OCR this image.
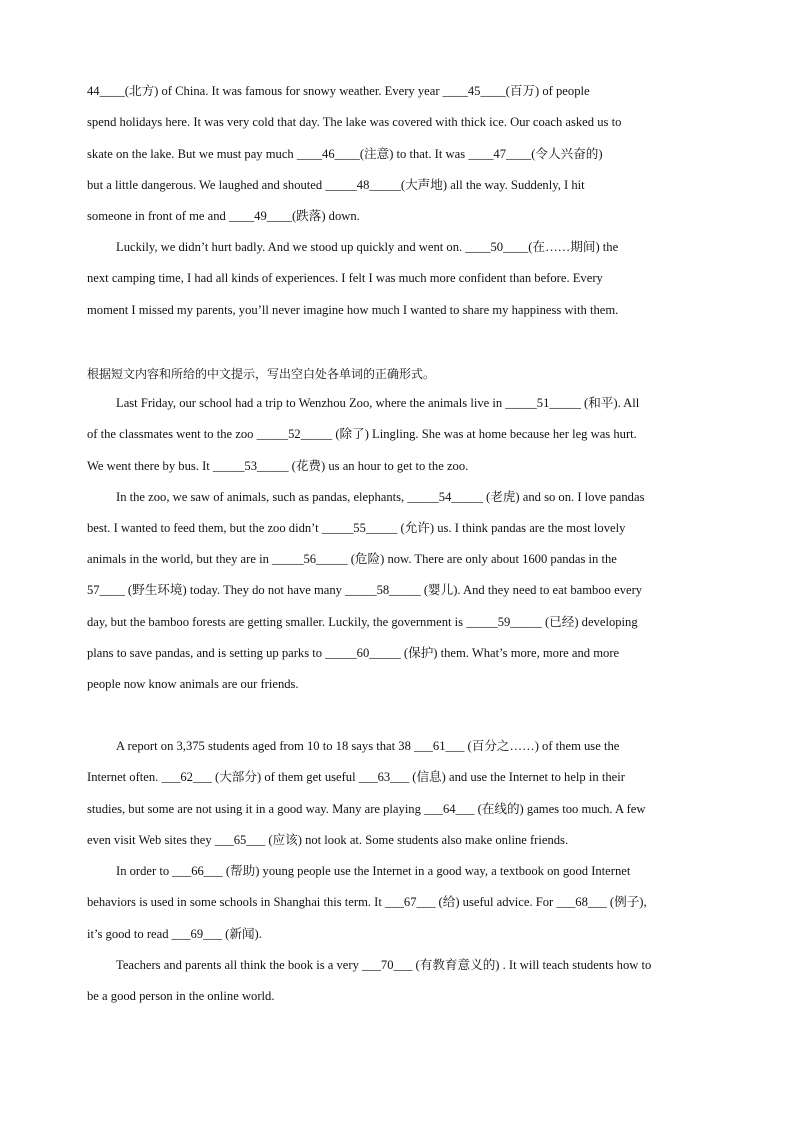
44____(北方) of China. It was famous for snowy weather. Every year ____45____(百万) of people
spend holidays here. It was very cold that day. The lake was covered with thick ice. Our coach asked us to
skate on the lake. But we must pay much ____46____(注意) to that. It was ____47____(令人兴奋的)
but a little dangerous. We laughed and shouted _____48_____(大声地) all the way. Suddenly, I hit
someone in front of me and ____49____(跌落) down.
Luckily, we didn’t hurt badly. And we stood up quickly and went on. ____50____(在……期间) the
next camping time, I had all kinds of experiences. I felt I was much more confident than before. Every
moment I missed my parents, you’ll never imagine how much I wanted to share my happiness with them.
根据短文内容和所给的中文提示，写出空白处各单词的正确形式。
Last Friday, our school had a trip to Wenzhou Zoo, where the animals live in _____51_____ (和平). All
of the classmates went to the zoo _____52_____ (除了) Lingling. She was at home because her leg was hurt.
We went there by bus. It _____53_____ (花费) us an hour to get to the zoo.
In the zoo, we saw of animals, such as pandas, elephants, _____54_____ (老虎) and so on. I love pandas
best. I wanted to feed them, but the zoo didn’t _____55_____ (允许) us. I think pandas are the most lovely
animals in the world, but they are in _____56_____ (危险) now. There are only about 1600 pandas in the
57____ (野生环境) today. They do not have many _____58_____ (婴儿). And they need to eat bamboo every
day, but the bamboo forests are getting smaller. Luckily, the government is _____59_____ (已经) developing
plans to save pandas, and is setting up parks to _____60_____ (保护) them. What’s more, more and more
people now know animals are our friends.
A report on 3,375 students aged from 10 to 18 says that 38 ___61___ (百分之……) of them use the
Internet often. ___62___ (大部分) of them get useful ___63___ (信息) and use the Internet to help in their
studies, but some are not using it in a good way. Many are playing ___64___ (在线的) games too much. A few
even visit Web sites they ___65___ (应该) not look at. Some students also make online friends.
In order to ___66___ (帮助) young people use the Internet in a good way, a textbook on good Internet
behaviors is used in some schools in Shanghai this term. It ___67___ (给) useful advice. For ___68___ (例子),
it’s good to read ___69___ (新闻).
Teachers and parents all think the book is a very ___70___ (有教育意义的) . It will teach students how to
be a good person in the online world.
